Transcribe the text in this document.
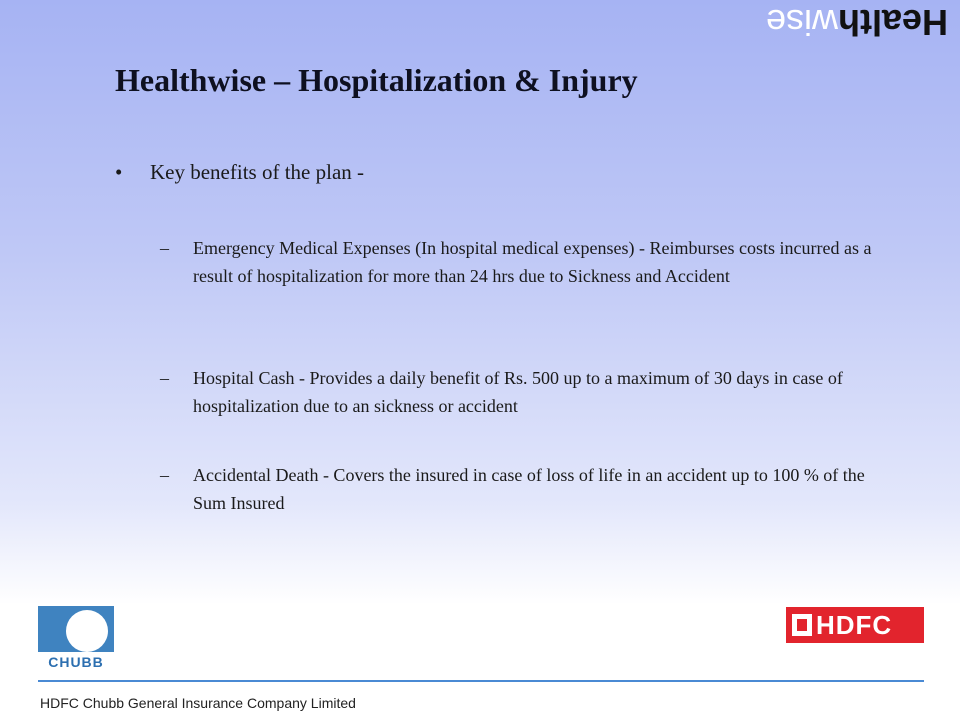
Healthwise
Healthwise – Hospitalization & Injury
• Key benefits of the plan -
– Emergency Medical Expenses (In hospital medical expenses) - Reimburses costs incurred as a result of hospitalization for more than 24 hrs due to Sickness and Accident
– Hospital Cash - Provides a daily benefit of Rs. 500 up to a maximum of 30 days in case of hospitalization due to an sickness or accident
– Accidental Death - Covers the insured in case of loss of life in an accident up to 100 % of the Sum Insured
CHUBB
HDFC
HDFC Chubb General Insurance Company Limited
